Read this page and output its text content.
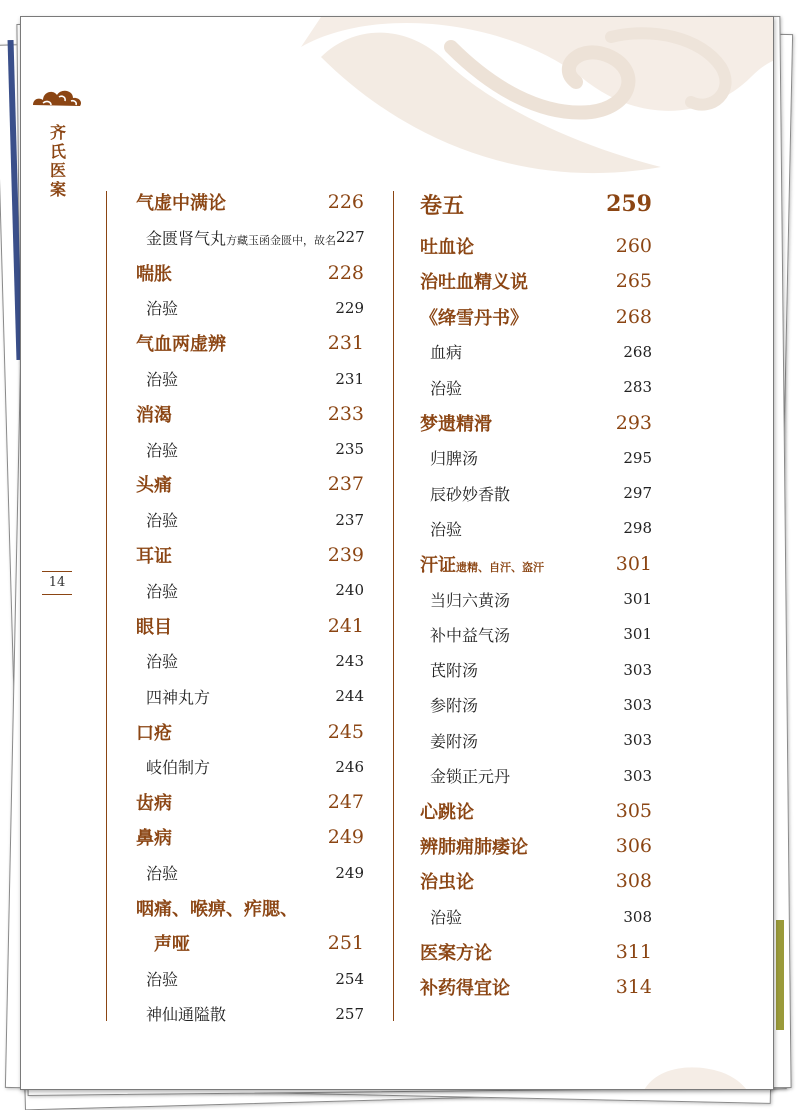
齐氏医案
14
气虚中满论	226
金匮肾气丸方藏玉函金匮中，故名 227
喘胀	228
治验	229
气血两虚辨	231
治验	231
消渴	233
治验	235
头痛	237
治验	237
耳证	239
治验	240
眼目	241
治验	243
四神丸方	244
口疮	245
岐伯制方	246
齿病	247
鼻病	249
治验	249
咽痛、喉痹、痄腮、
声哑	251
治验	254
神仙通隘散	257
卷五	259
吐血论	260
治吐血精义说	265
《绛雪丹书》	268
血病	268
治验	283
梦遗精滑	293
归脾汤	295
辰砂妙香散	297
治验	298
汗证遗精、自汗、盗汗	301
当归六黄汤	301
补中益气汤	301
芪附汤	303
参附汤	303
姜附汤	303
金锁正元丹	303
心跳论	305
辨肺痈肺痿论	306
治虫论	308
治验	308
医案方论	311
补药得宜论	314
